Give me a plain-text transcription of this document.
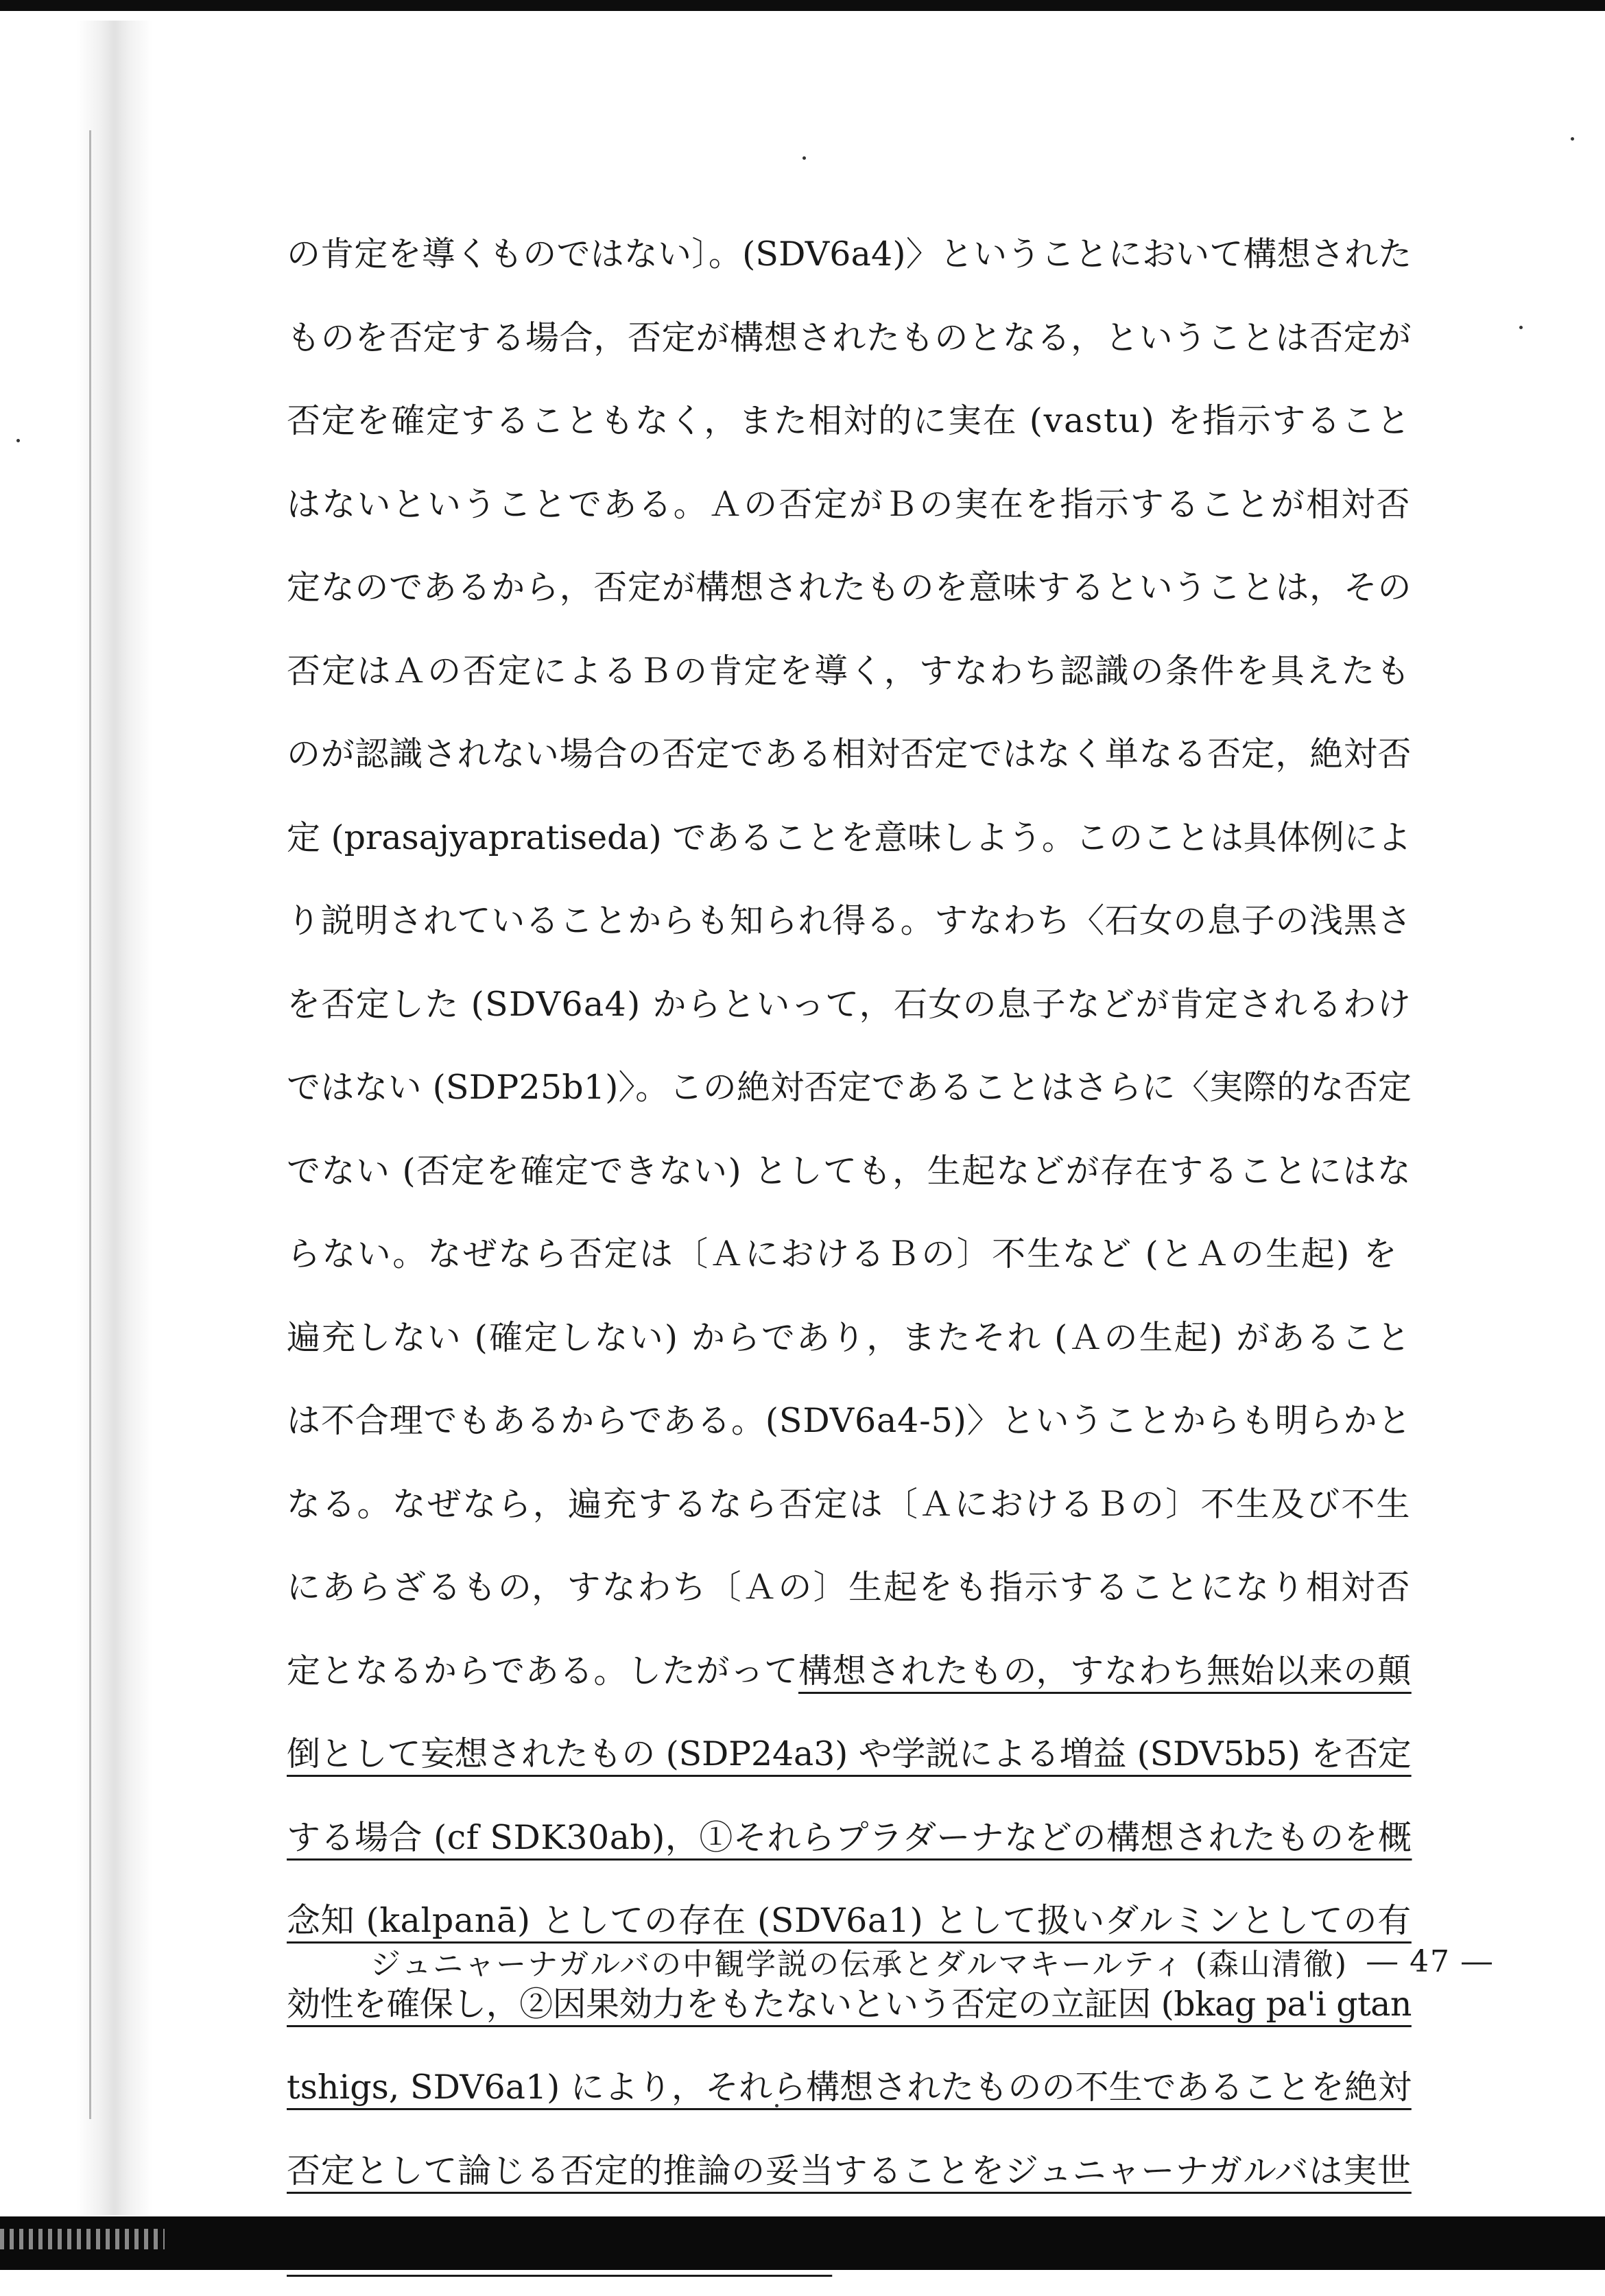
の肯定を導くものではない〕。(SDV6a4)〉ということにおいて構想された
ものを否定する場合，否定が構想されたものとなる，ということは否定が
否定を確定することもなく，また相対的に実在 (vastu) を指示すること
はないということである。Ａの否定がＢの実在を指示することが相対否
定なのであるから，否定が構想されたものを意味するということは，その
否定はＡの否定によるＢの肯定を導く，すなわち認識の条件を具えたも
のが認識されない場合の否定である相対否定ではなく単なる否定，絶対否
定 (prasajyapratiseda) であることを意味しよう。このことは具体例によ
り説明されていることからも知られ得る。すなわち〈石女の息子の浅黒さ
を否定した (SDV6a4) からといって，石女の息子などが肯定されるわけ
ではない (SDP25b1)〉。この絶対否定であることはさらに〈実際的な否定
でない (否定を確定できない) としても，生起などが存在することにはな
らない。なぜなら否定は〔ＡにおけるＢの〕不生など (とＡの生起) を
遍充しない (確定しない) からであり，またそれ (Ａの生起) があること
は不合理でもあるからである。(SDV6a4-5)〉ということからも明らかと
なる。なぜなら，遍充するなら否定は〔ＡにおけるＢの〕不生及び不生
にあらざるもの，すなわち〔Ａの〕生起をも指示することになり相対否
定となるからである。したがって構想されたもの，すなわち無始以来の顛
倒として妄想されたもの (SDP24a3) や学説による増益 (SDV5b5) を否定
する場合 (cf SDK30ab)，①それらプラダーナなどの構想されたものを概
念知 (kalpanā) としての存在 (SDV6a1) として扱いダルミンとしての有
効性を確保し，②因果効力をもたないという否定の立証因 (bkag pa'i gtan
tshigs, SDV6a1) により，それら構想されたものの不生であることを絶対
否定として論じる否定的推論の妥当することをジュニャーナガルバは実世
ジュニャーナガルバの中観学説の伝承とダルマキールティ (森山清徹) ― 47 ―
